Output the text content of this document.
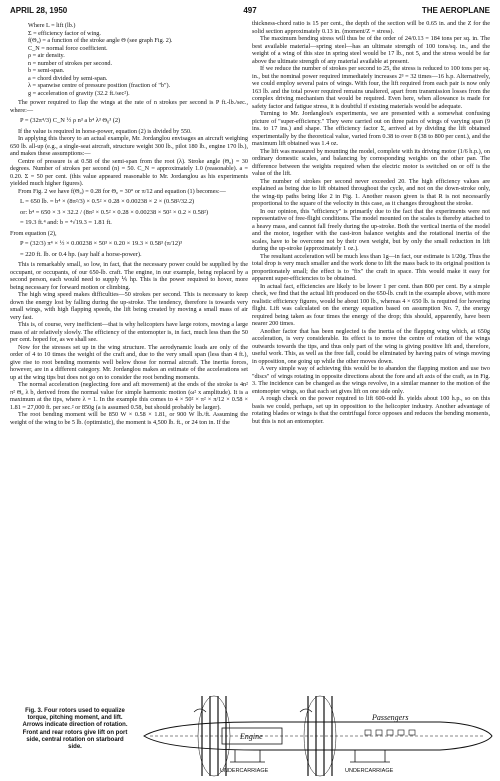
APRIL 28, 1950	497	THE AEROPLANE
Where L = lift (lb.)
Σ = efficiency factor of wing.
f(Θ₀) = a function of the stroke angle Θ (see graph Fig. 2).
C_N = normal force coefficient.
ρ = air density.
n = number of strokes per second.
b = semi-span.
a = chord divided by semi-span.
λ = spanwise centre of pressure position (fraction of "b").
g = acceleration of gravity (32.2 ft./sec²).

The power required to flap the wings at the rate of n strokes per second is P ft.-lb./sec., where:—

P = (32π⁴/3) C_N ½ ρ n³ a b⁴ λ³ Θ₀³ (2)

If the value is required in horse-power, equation (2) is divided by 550.

In applying this theory to an actual example, Mr. Jordanglou envisages an aircraft weighing 650 lb. all-up (e.g., a single-seat aircraft, structure weight 300 lb., pilot 180 lb., engine 170 lb.), and makes these assumptions:—

Centre of pressure is at 0.58 of the semi-span from the root (λ). Stroke angle (Θ₀) = 30 degrees. Number of strokes per second (n) = 50. C_N = approximately 1.0 (reasonable). a = 0.20. Σ = 50 per cent. (this value appeared reasonable to Mr. Jordanglou as his experiments yielded much higher figures).

From Fig. 2 we have f(Θ₀) = 0.28 for Θ₀ = 30° or π/12 and equation (1) becomes:—

L = 650 lb. = b⁴ × (8π²/3) × 0.5² × 0.28 × 0.00238 × 2 × (0.58²/32.2)
or: b⁴ = 650 × 3 × 32.2 / (8π² × 0.5² × 0.28 × 0.00238 × 50² × 0.2 × 0.58²)
= 19.3 ft.⁴ and: b = ⁴√19.3 = 1.81 ft.

From equation (2),

P = (32/3) π⁴ × ½ × 0.00238 × 50³ × 0.20 × 19.3 × 0.58³ (π/12)³
= 220 ft. lb. or 0.4 hp. (say half a horse-power).

This is remarkably small, so low, in fact, that the necessary power could be supplied by the occupant, or occupants, of our 650-lb. craft. The engine, in our example, being replaced by a second person, each would need to supply ⅕ hp. This is the power required to hover, more being necessary for forward motion or climbing.

The high wing speed makes difficulties—50 strokes per second. This is necessary to keep down the energy lost by falling during the up-stroke. The tendency, therefore is towards very small wings, with high flapping speeds, the lift being created by moving a small mass of air very fast.

This is, of course, very inefficient—that is why helicopters have large rotors, moving a large mass of air relatively slowly. The efficiency of the entomopter is, in fact, much less than the 50 per cent. hoped for, as we shall see.

Now for the stresses set up in the wing structure. The aerodynamic loads are only of the order of 4 to 10 times the weight of the craft and, due to the very small span (less than 4 ft.), give rise to root bending moments well below those for normal aircraft. The inertia forces, however, are in a different category. Mr. Jordanglou makes an estimate of the accelerations set up at the wing tips but does not go on to consider the root bending moments.

The normal acceleration (neglecting fore and aft movement) at the ends of the stroke is 4n² π² Θ₀ λ b, derived from the normal value for simple harmonic motion (ω² x amplitude). It is a maximum at the tips, where λ = 1. In the example this comes to 4 × 50² × π² × π/12 × 0.58 × 1.81 = 27,000 ft. per sec.² or 850g (a is assumed 0.58, but should probably be larger).

The root bending moment will be 850 W × 0.58 × 1.81, or 900 W lb./ft. Assuming the weight of the wing to be 5 lb. (optimistic), the moment is 4,500 lb. ft., or 24 ton in. If the

thickness-chord ratio is 15 per cent., the depth of the section will be 0.65 in. and the Z for the solid section approximately 0.13 in. (moment/Z = stress).

The maximum bending stress will thus be of the order of 24/0.13 = 184 tons per sq. in. The best available material—spring steel—has an ultimate strength of 100 tons/sq. in., and the weight of a wing of this size in spring steel would be 17 lb., not 5, and the stress would be far above the ultimate strength of any material available at present.

If we reduce the number of strokes per second to 25, the stress is reduced to 100 tons per sq. in., but the nominal power required immediately increases 2³ = 32 times—16 h.p. Alternatively, we could employ several pairs of wings. With four, the lift required from each pair is now only 163 lb. and the total power required remains unaltered, apart from transmission losses from the complex driving mechanism that would be required. Even here, when allowance is made for safety factor and fatigue stress, it is doubtful if existing materials would be adequate.

Turning to Mr. Jordanglou's experiments, we are presented with a somewhat confusing picture of "super-efficiency." They were carried out on three pairs of wings of varying span (9 ins. to 17 ins.) and shape. The efficiency factor Σ, arrived at by dividing the lift obtained experimentally by the theoretical value, varied from 0.38 to over 8 (38 to 800 per cent.), and the maximum lift obtained was 1.4 oz.

The lift was measured by mounting the model, complete with its driving motor (1/6 h.p.), on ordinary domestic scales, and balancing by corresponding weights on the other pan. The difference between the weights required when the electric motor is switched on or off is the value of the lift.

The number of strokes per second never exceeded 20. The high efficiency values are explained as being due to lift obtained throughout the cycle, and not on the down-stroke only, the wing-tip paths being like 2 in Fig. 1. Another reason given is that R is not necessarily proportional to the square of the velocity in this case, as it changes throughout the stroke.

In our opinion, this "efficiency" is primarily due to the fact that the experiments were not representative of free-flight conditions. The model mounted on the scales is thereby attached to a heavy mass, and cannot fall freely during the up-stroke. Both the vertical inertia of the model and the motor, together with the cast-iron balance weights and the rotational inertia of the scales, have to be overcome not by their own weight, but by only the small reduction in lift during the up-stroke (approximately 1 oz.).

The resultant acceleration will be much less than 1g—in fact, our estimate is 1/20g. Thus the total drop is very much smaller and the work done to lift the mass back to its original position is proportionately small; the effect is to "fix" the craft in space. This would make it easy for apparent super-efficiencies to be obtained.

In actual fact, efficiencies are likely to be lower 1 per cent. than 800 per cent. By a simple check, we find that the actual lift produced on the 650-lb. craft in the example above, with more realistic efficiency figures, would be about 100 lb., whereas 4 × 650 lb. is required for hovering flight. Lift was calculated on the energy equation based on assumption No. 7, the energy required being taken as four times the energy of the drop; this should, apparently, have been nearer 200 times.

Another factor that has been neglected is the inertia of the flapping wing which, at 650g acceleration, is very considerable. Its effect is to move the centre of rotation of the wings outwards towards the tips, and thus only part of the wing is giving positive lift and, therefore, useful work. This, as well as the free fall, could be eliminated by having pairs of wings moving in opposition, one going up while the other moves down.

A very simple way of achieving this would be to abandon the flapping motion and use two "discs" of wings rotating in opposite directions about the fore and aft axis of the craft, as in Fig. 3. The incidence can be changed as the wings revolve, in a similar manner to the motion of the entomopter wings, so that each set gives lift on one side only.

A rough check on the power required to lift 600-odd lb. yields about 100 h.p., so on this basis we could, perhaps, set up in opposition to the helicopter industry. Another advantage of rotating blades or wings is that the centrifugal force opposes and reduces the bending moments, but this is not an entomopter.

Fig. 3. Four rotors used to equalize torque, pitching moment, and lift. Arrows indicate direction of rotation. Front and rear rotors give lift on port side, central rotation on starboard side.
Engine
Passengers
UNDERCARRIAGE	UNDERCARRIAGE
